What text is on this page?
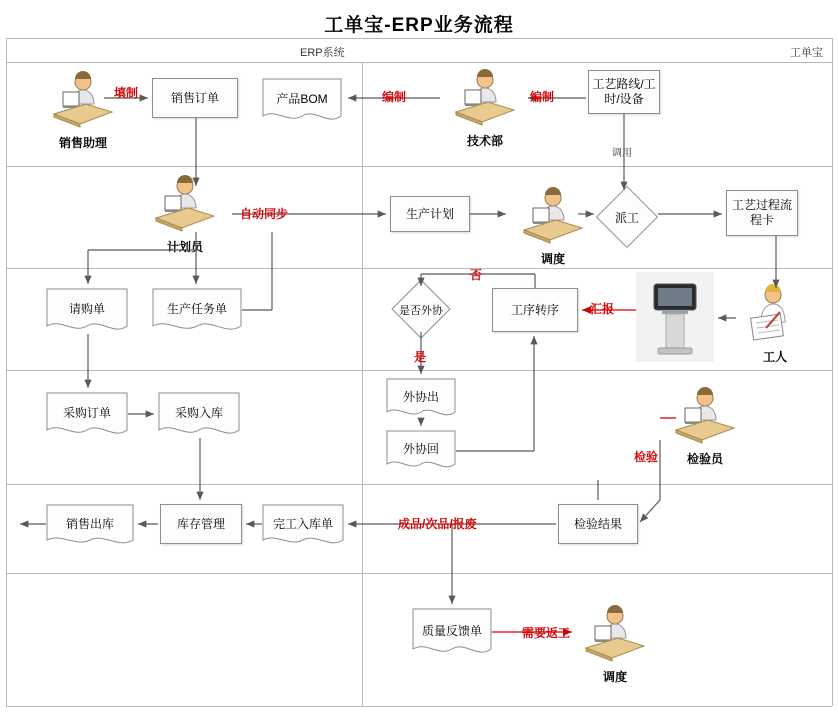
工单宝-ERP业务流程
ERP系统	工单宝
销售订单	产品BOM
工艺路线/工时/设备
生产计划	派工
工艺过程流程卡
请购单	生产任务单	是否外协	工序转序
采购订单	采购入库
外协出
外协回
销售出库	库存管理	完工入库单	检验结果
质量反馈单
销售助理	技术部
计划员
调度
工人
检验员
调度
填制	编制	编制
自动同步
否
是
汇报
检验
成品/次品/报废
需要返工
调用
